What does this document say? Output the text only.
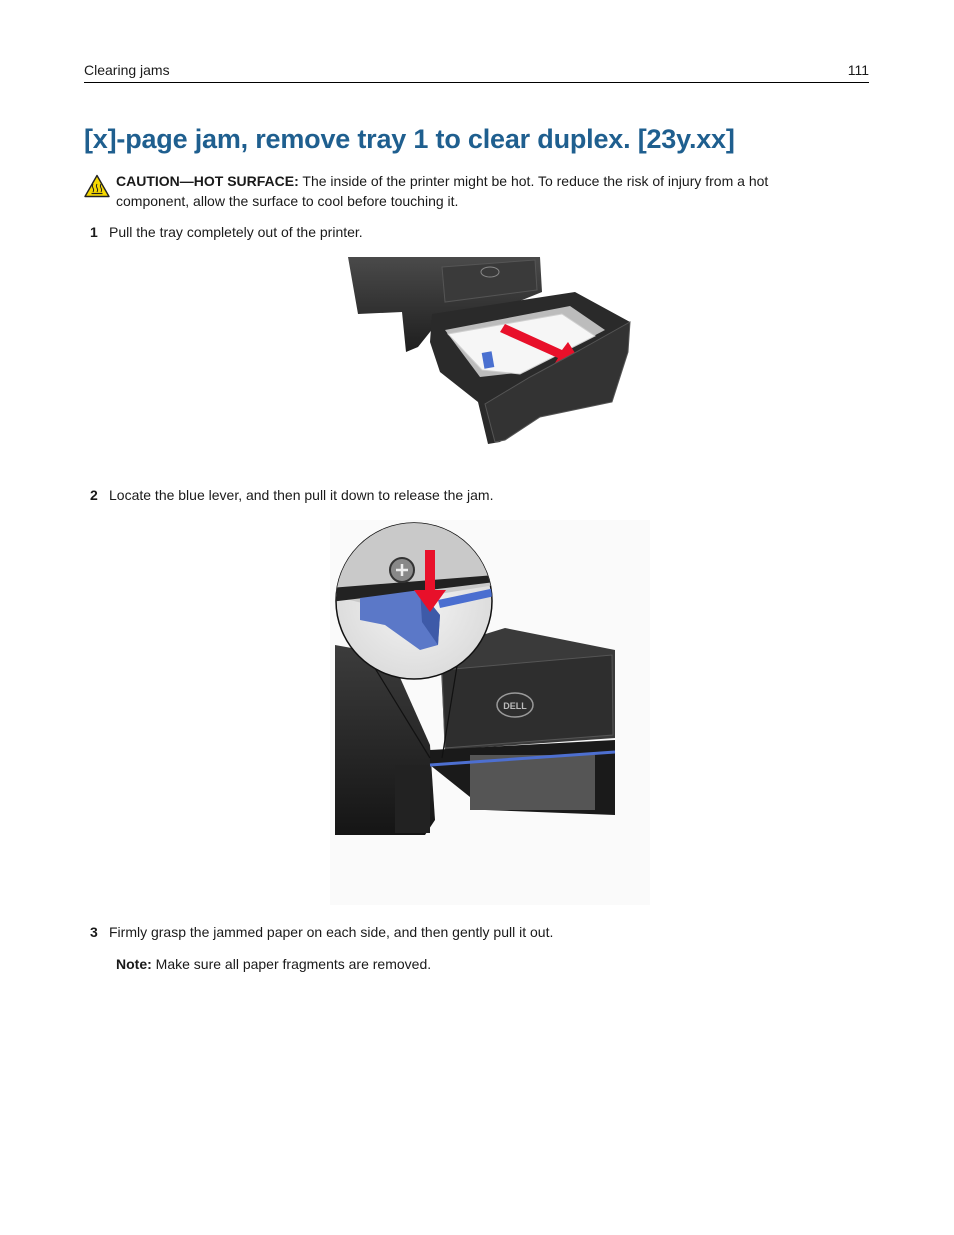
Clearing jams	111
[x]-page jam, remove tray 1 to clear duplex. [23y.xx]
CAUTION—HOT SURFACE: The inside of the printer might be hot. To reduce the risk of injury from a hot component, allow the surface to cool before touching it.
1 Pull the tray completely out of the printer.
2 Locate the blue lever, and then pull it down to release the jam.
DELL
3 Firmly grasp the jammed paper on each side, and then gently pull it out.
Note: Make sure all paper fragments are removed.
